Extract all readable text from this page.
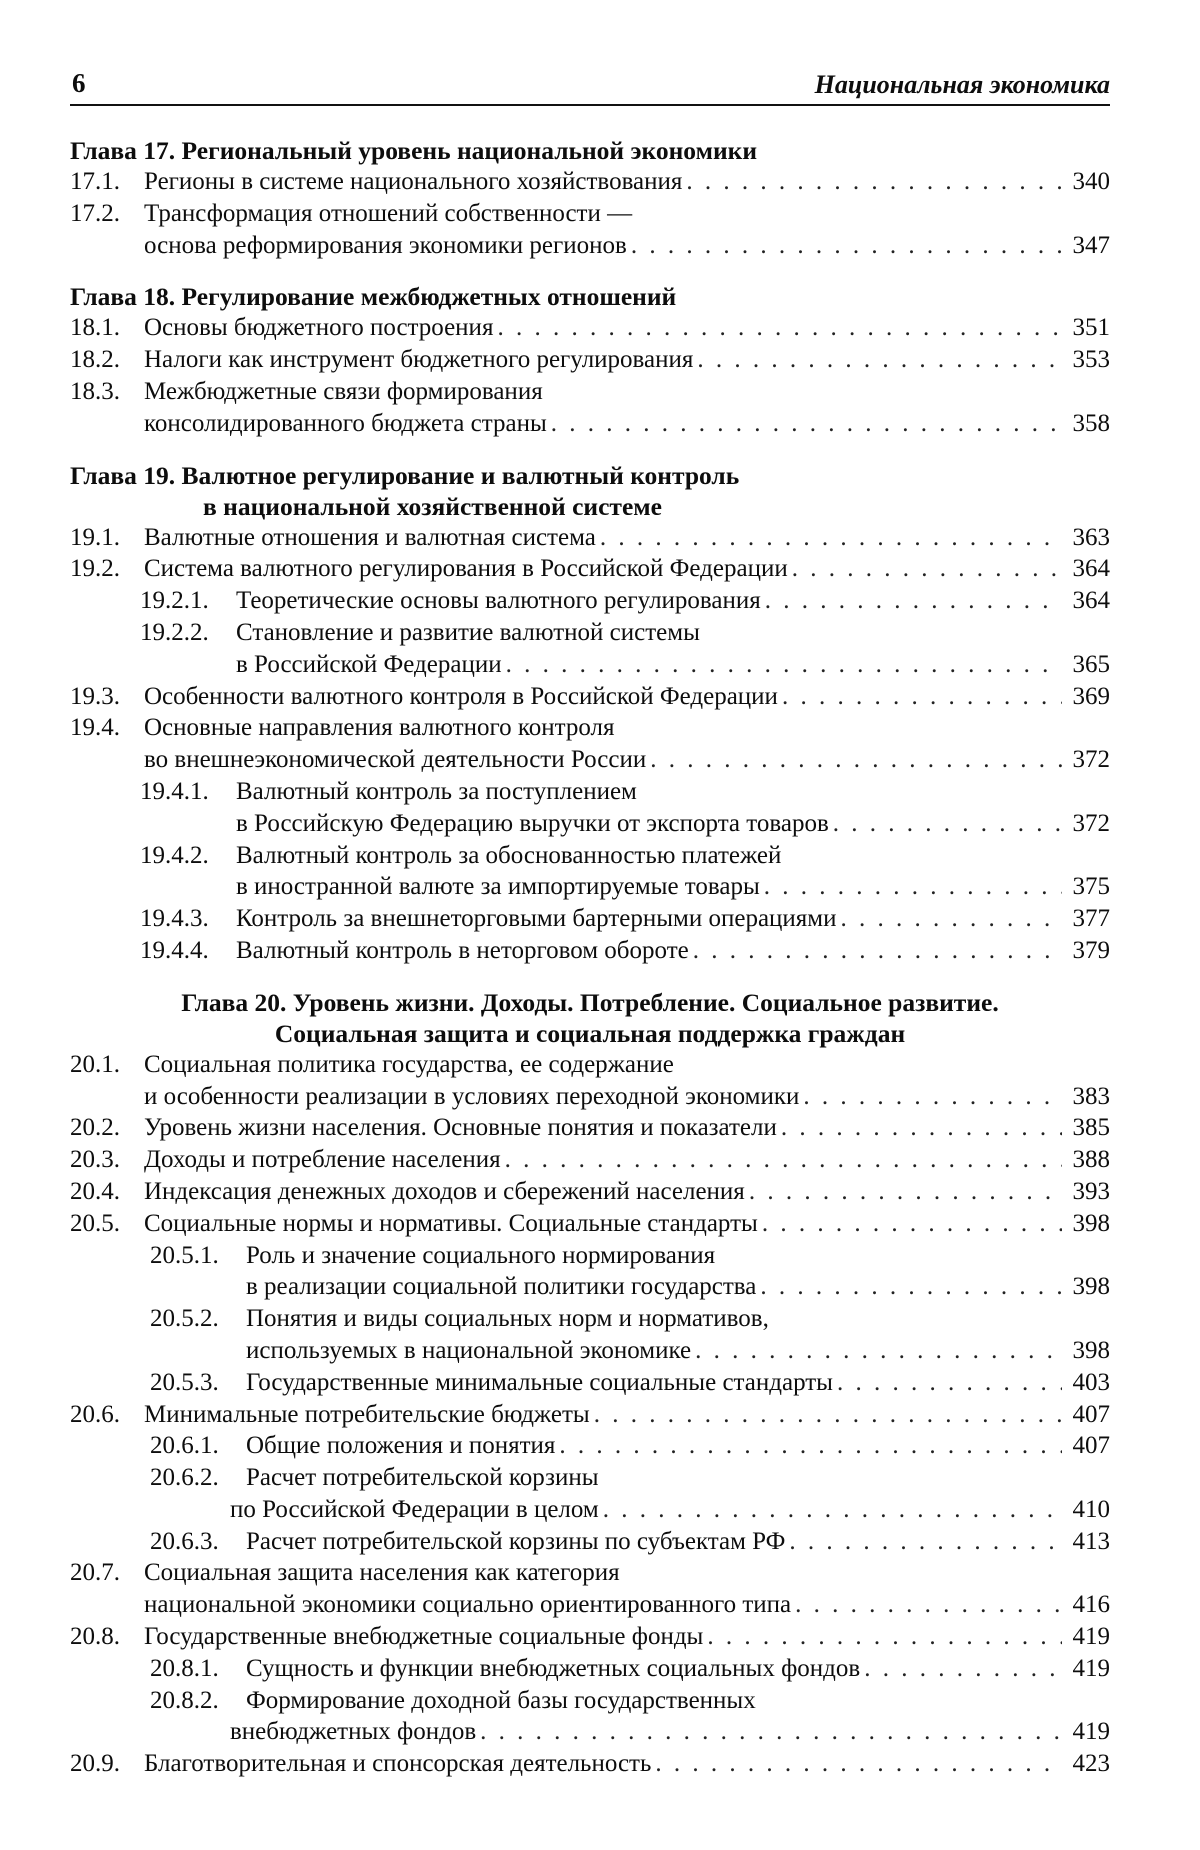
6	Национальная экономика
Глава 17. Региональный уровень национальной экономики
17.1. Регионы в системе национального хозяйствования . . .	340
17.2. Трансформация отношений собственности —
основа реформирования экономики регионов . . .	347
Глава 18. Регулирование межбюджетных отношений
18.1. Основы бюджетного построения . . .	351
18.2. Налоги как инструмент бюджетного регулирования . . .	353
18.3. Межбюджетные связи формирования
консолидированного бюджета страны . . .	358
Глава 19. Валютное регулирование и валютный контроль
в национальной хозяйственной системе
19.1. Валютные отношения и валютная система . . .	363
19.2. Система валютного регулирования в Российской Федерации . . .	364
19.2.1.	Теоретические основы валютного регулирования . . .	364
19.2.2.	Становление и развитие валютной системы
в Российской Федерации . . .	365
19.3. Особенности валютного контроля в Российской Федерации . . .	369
19.4. Основные направления валютного контроля
во внешнеэкономической деятельности России . . .	372
19.4.1.	Валютный контроль за поступлением
в Российскую Федерацию выручки от экспорта товаров . . .	372
19.4.2.	Валютный контроль за обоснованностью платежей
в иностранной валюте за импортируемые товары . . .	375
19.4.3.	Контроль за внешнеторговыми бартерными операциями . . .	377
19.4.4.	Валютный контроль в неторговом обороте . . .	379
Глава 20. Уровень жизни. Доходы. Потребление. Социальное развитие.
Социальная защита и социальная поддержка граждан
20.1. Социальная политика государства, ее содержание
и особенности реализации в условиях переходной экономики . . .	383
20.2. Уровень жизни населения. Основные понятия и показатели . . .	385
20.3. Доходы и потребление населения . . .	388
20.4. Индексация денежных доходов и сбережений населения . . .	393
20.5. Социальные нормы и нормативы. Социальные стандарты . . .	398
20.5.1.	Роль и значение социального нормирования
в реализации социальной политики государства . . .	398
20.5.2.	Понятия и виды социальных норм и нормативов,
используемых в национальной экономике . . .	398
20.5.3.	Государственные минимальные социальные стандарты . . .	403
20.6. Минимальные потребительские бюджеты . . .	407
20.6.1.	Общие положения и понятия . . .	407
20.6.2.	Расчет потребительской корзины
по Российской Федерации в целом . . .	410
20.6.3.	Расчет потребительской корзины по субъектам РФ . . .	413
20.7. Социальная защита населения как категория
национальной экономики социально ориентированного типа . . .	416
20.8. Государственные внебюджетные социальные фонды . . .	419
20.8.1.	Сущность и функции внебюджетных социальных фондов . . .	419
20.8.2.	Формирование доходной базы государственных
внебюджетных фондов . . .	419
20.9. Благотворительная и спонсорская деятельность . . .	423
